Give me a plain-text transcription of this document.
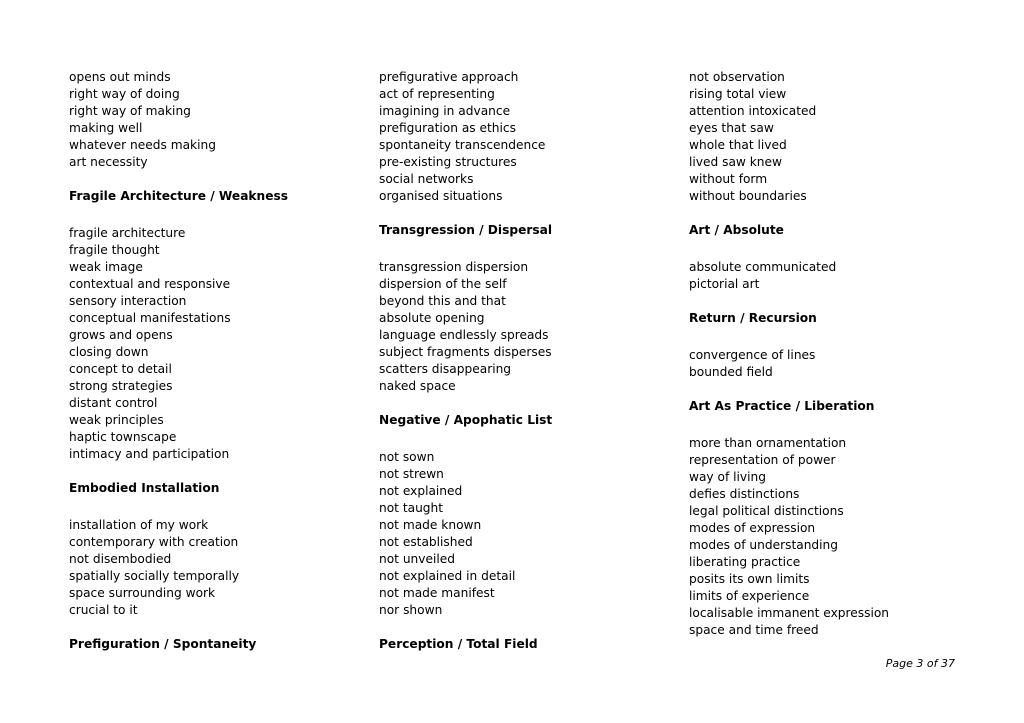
opens out minds
right way of doing
right way of making
making well
whatever needs making
art necessity
Fragile Architecture / Weakness
fragile architecture
fragile thought
weak image
contextual and responsive
sensory interaction
conceptual manifestations
grows and opens
closing down
concept to detail
strong strategies
distant control
weak principles
haptic townscape
intimacy and participation
Embodied Installation
installation of my work
contemporary with creation
not disembodied
spatially socially temporally
space surrounding work
crucial to it
Prefiguration / Spontaneity
prefigurative approach
act of representing
imagining in advance
prefiguration as ethics
spontaneity transcendence
pre-existing structures
social networks
organised situations
Transgression / Dispersal
transgression dispersion
dispersion of the self
beyond this and that
absolute opening
language endlessly spreads
subject fragments disperses
scatters disappearing
naked space
Negative / Apophatic List
not sown
not strewn
not explained
not taught
not made known
not established
not unveiled
not explained in detail
not made manifest
nor shown
Perception / Total Field
not observation
rising total view
attention intoxicated
eyes that saw
whole that lived
lived saw knew
without form
without boundaries
Art / Absolute
absolute communicated
pictorial art
Return / Recursion
convergence of lines
bounded field
Art As Practice / Liberation
more than ornamentation
representation of power
way of living
defies distinctions
legal political distinctions
modes of expression
modes of understanding
liberating practice
posits its own limits
limits of experience
localisable immanent expression
space and time freed
Page 3 of 37
